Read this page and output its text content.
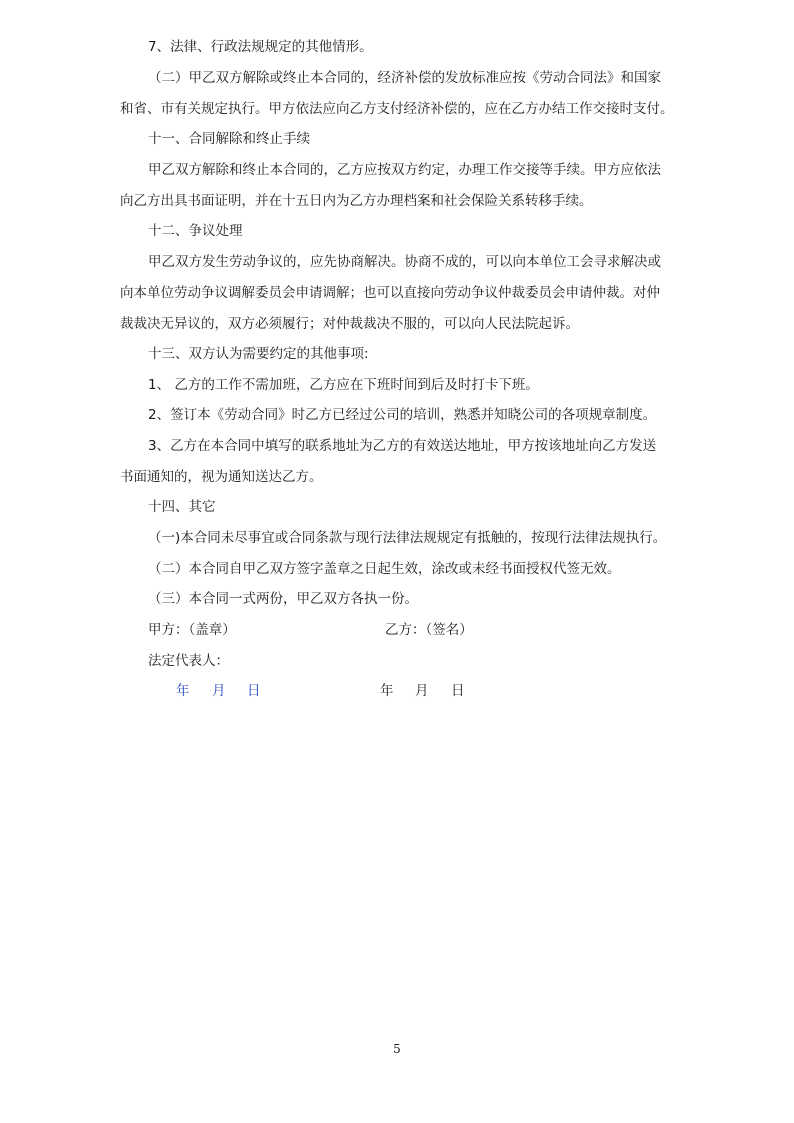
7、法律、行政法规规定的其他情形。
（二）甲乙双方解除或终止本合同的，经济补偿的发放标准应按《劳动合同法》和国家
和省、市有关规定执行。甲方依法应向乙方支付经济补偿的，应在乙方办结工作交接时支付。
十一、合同解除和终止手续
甲乙双方解除和终止本合同的，乙方应按双方约定，办理工作交接等手续。甲方应依法
向乙方出具书面证明，并在十五日内为乙方办理档案和社会保险关系转移手续。
十二、争议处理
甲乙双方发生劳动争议的，应先协商解决。协商不成的，可以向本单位工会寻求解决或
向本单位劳动争议调解委员会申请调解；也可以直接向劳动争议仲裁委员会申请仲裁。对仲
裁裁决无异议的，双方必须履行；对仲裁裁决不服的，可以向人民法院起诉。
十三、双方认为需要约定的其他事项:
1、 乙方的工作不需加班，乙方应在下班时间到后及时打卡下班。
2、签订本《劳动合同》时乙方已经过公司的培训，熟悉并知晓公司的各项规章制度。
3、乙方在本合同中填写的联系地址为乙方的有效送达地址，甲方按该地址向乙方发送
书面通知的，视为通知送达乙方。
十四、其它
（一)本合同未尽事宜或合同条款与现行法律法规规定有抵触的，按现行法律法规执行。
（二）本合同自甲乙双方签字盖章之日起生效，涂改或未经书面授权代签无效。
（三）本合同一式两份，甲乙双方各执一份。
甲方：（盖章）	乙方：（签名）
法定代表人：
年 月 日	年 月 日
5
